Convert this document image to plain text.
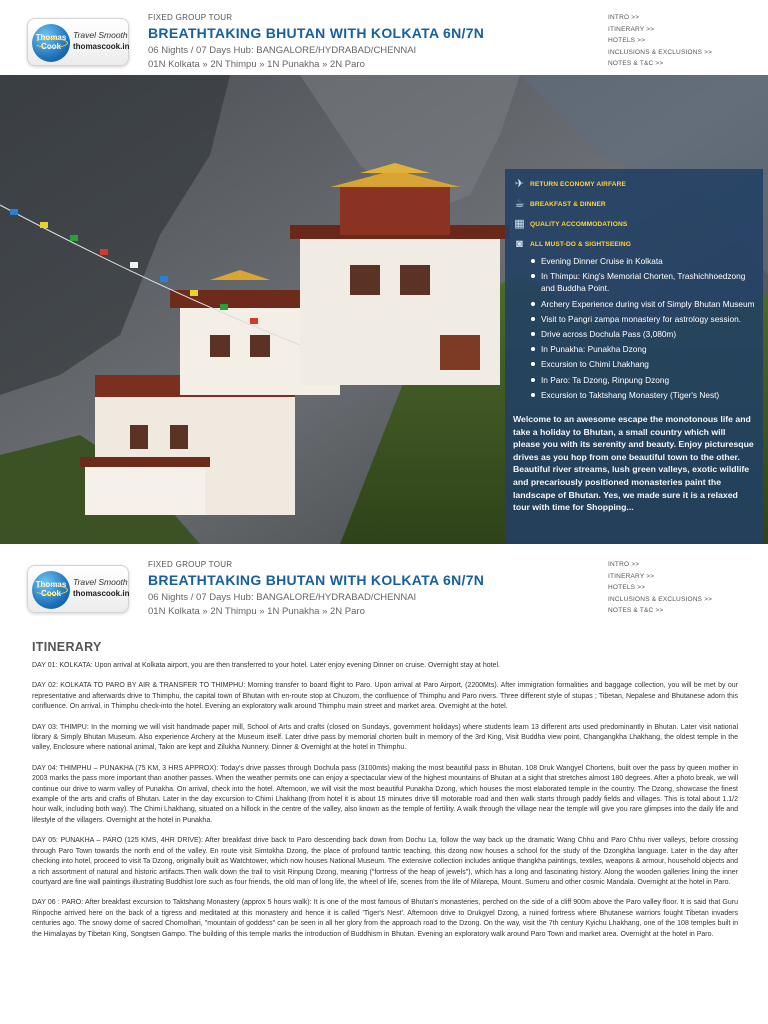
Thomas
Cook
Travel Smooth
thomascook.in
FIXED GROUP TOUR
BREATHTAKING BHUTAN WITH KOLKATA 6N/7N
06 Nights / 07 Days Hub: BANGALORE/HYDRABAD/CHENNAI
01N Kolkata » 2N Thimpu » 1N Punakha » 2N Paro
INTRO >>
ITINERARY >>
HOTELS >>
INCLUSIONS & EXCLUSIONS >>
NOTES & T&C >>
✈ RETURN ECONOMY AIRFARE
☕ BREAKFAST & DINNER
▦ QUALITY ACCOMMODATIONS
◙	ALL MUST-DO & SIGHTSEEING
Evening Dinner Cruise in Kolkata
In Thimpu: King's Memorial Chorten, Trashichhoedzong and Buddha Point.
Archery Experience during visit of Simply Bhutan Museum
Visit to Pangri zampa monastery for astrology session.
Drive across Dochula Pass (3,080m)
In Punakha: Punakha Dzong
Excursion to Chimi Lhakhang
In Paro: Ta Dzong, Rinpung Dzong
Excursion to Taktshang Monastery (Tiger's Nest)

Welcome to an awesome escape the monotonous life and take a holiday to Bhutan, a small country which will please you with its serenity and beauty. Enjoy picturesque drives as you hop from one beautiful town to the other. Beautiful river streams, lush green valleys, exotic wildlife and precariously positioned monasteries paint the landscape of Bhutan. Yes, we made sure it is a relaxed tour with time for Shopping...

Thomas
Cook
Travel Smooth
thomascook.in
FIXED GROUP TOUR
BREATHTAKING BHUTAN WITH KOLKATA 6N/7N
06 Nights / 07 Days Hub: BANGALORE/HYDRABAD/CHENNAI
01N Kolkata » 2N Thimpu » 1N Punakha » 2N Paro
INTRO >>
ITINERARY >>
HOTELS >>
INCLUSIONS & EXCLUSIONS >>
NOTES & T&C >>
ITINERARY

DAY 01: KOLKATA: Upon arrival at Kolkata airport, you are then transferred to your hotel. Later enjoy evening Dinner on cruise. Overnight stay at hotel.

DAY 02: KOLKATA TO PARO BY AIR & TRANSFER TO THIMPHU: Morning transfer to board flight to Paro. Upon arrival at Paro Airport, (2200Mts). After immigration formalities and baggage collection, you will be met by our representative and afterwards drive to Thimphu, the capital town of Bhutan with en-route stop at Chuzom, the confluence of Thimphu and Paro rivers. Three different style of stupas ; Tibetan, Nepalese and Bhutanese adorn this confluence. On arrival, in Thimphu check-into the hotel. Evening an exploratory walk around Thimphu main street and market area. Overnight at the hotel.

DAY 03: THIMPU: In the morning we will visit handmade paper mill, School of Arts and crafts (closed on Sundays, government holidays) where students learn 13 different arts used predominantly in Bhutan. Later visit national library & Simply Bhutan Museum. Also experience Archery at the Museum itself. Later drive pass by memorial chorten built in memory of the 3rd King, Visit Buddha view point, Changangkha Lhakhang, the oldest temple in the valley, Enclosure where national animal, Takin are kept and Zilukha Nunnery. Dinner & Overnight at the hotel in Thimphu.

DAY 04: THIMPHU – PUNAKHA (75 KM, 3 HRS APPROX): Today's drive passes through Dochula pass (3100mts) making the most beautiful pass in Bhutan. 108 Druk Wangyel Chortens, built over the pass by queen mother in 2003 marks the pass more important than another passes. When the weather permits one can enjoy a spectacular view of the highest mountains of Bhutan at a sight that stretches almost 180 degrees. After a photo break, we will continue our drive to warm valley of Punakha. On arrival, check into the hotel. Afternoon, we will visit the most beautiful Punakha Dzong, which houses the most elaborated temple in the country. The Dzong, showcase the finest example of the arts and crafts of Bhutan. Later in the day excursion to Chimi Lhakhang (from hotel it is about 15 minutes drive till motorable road and then walk starts through paddy fields and villages. This is total about 1.1/2 hour walk, including both way). The Chimi Lhakhang, situated on a hillock in the centre of the valley, also known as the temple of fertility. A walk through the village near the temple will give you rare glimpses into the daily life and lifestyle of the villagers. Overnight at the hotel in Punakha.

DAY 05: PUNAKHA – PARO (125 KMS, 4HR DRIVE): After breakfast drive back to Paro descending back down from Dochu La, follow the way back up the dramatic Wang Chhu and Paro Chhu river valleys, before crossing through Paro Town towards the north end of the valley. En route visit Simtokha Dzong, the place of profound tantric teaching, this dzong now houses a school for the study of the Dzongkha language. Later in the day after checking into hotel, proceed to visit Ta Dzong, originally built as Watchtower, which now houses National Museum. The extensive collection includes antique thangkha paintings, textiles, weapons & armour, household objects and a rich assortment of natural and historic artifacts.Then walk down the trail to visit Rinpung Dzong, meaning ("fortress of the heap of jewels"), which has a long and fascinating history. Along the wooden galleries lining the inner courtyard are fine wall paintings illustrating Buddhist lore such as four friends, the old man of long life, the wheel of life, scenes from the life of Milarepa, Mount. Sumeru and other cosmic Mandala. Overnight at the hotel in Paro.

DAY 06 : PARO: After breakfast excursion to Taktshang Monastery (approx 5 hours walk): It is one of the most famous of Bhutan's monasteries, perched on the side of a cliff 900m above the Paro valley floor. It is said that Guru Rinpoche arrived here on the back of a tigress and meditated at this monastery and hence it is called 'Tiger's Nest'. Afternoon drive to Drukgyel Dzong, a ruined fortress where Bhutanese warriors fought Tibetan invaders centuries ago. The snowy dome of sacred Chomolhari, "mountain of goddess" can be seen in all her glory from the approach road to the Dzong. On the way, visit the 7th century Kyichu Lhakhang, one of the 108 temples built in the Himalayas by Tibetan King, Songtsen Gampo. The building of this temple marks the introduction of Buddhism in Bhutan. Evening an exploratory walk around Paro Town and market area. Overnight at the hotel in Paro.
